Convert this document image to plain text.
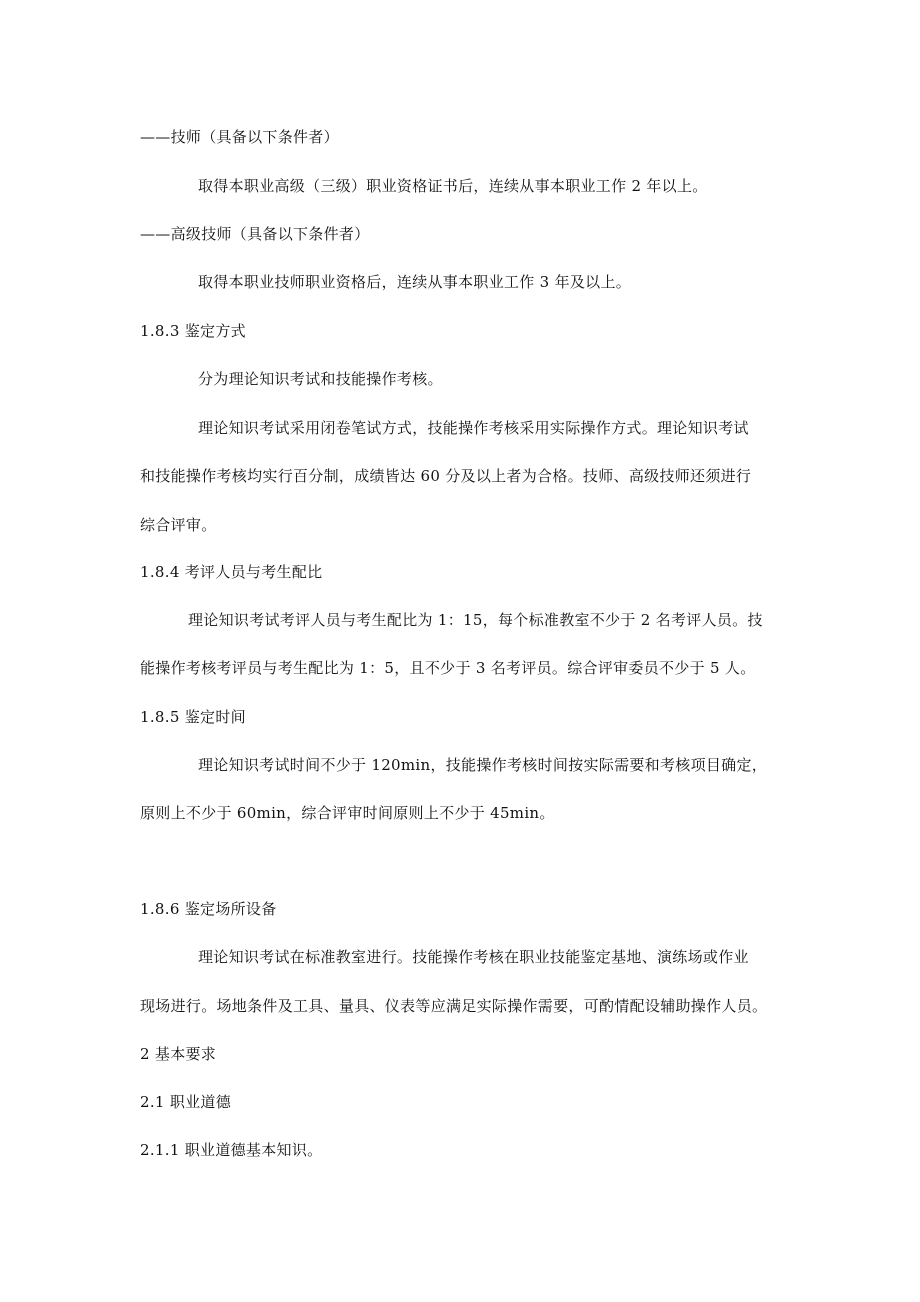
——技师（具备以下条件者）
取得本职业高级（三级）职业资格证书后，连续从事本职业工作 2 年以上。
——高级技师（具备以下条件者）
取得本职业技师职业资格后，连续从事本职业工作 3 年及以上。
1.8.3 鉴定方式
分为理论知识考试和技能操作考核。
理论知识考试采用闭卷笔试方式，技能操作考核采用实际操作方式。理论知识考试
和技能操作考核均实行百分制，成绩皆达 60 分及以上者为合格。技师、高级技师还须进行
综合评审。
1.8.4 考评人员与考生配比
理论知识考试考评人员与考生配比为 1：15，每个标准教室不少于 2 名考评人员。技
能操作考核考评员与考生配比为 1：5，且不少于 3 名考评员。综合评审委员不少于 5 人。
1.8.5 鉴定时间
理论知识考试时间不少于 120min，技能操作考核时间按实际需要和考核项目确定，
原则上不少于 60min，综合评审时间原则上不少于 45min。
1.8.6 鉴定场所设备
理论知识考试在标准教室进行。技能操作考核在职业技能鉴定基地、演练场或作业
现场进行。场地条件及工具、量具、仪表等应满足实际操作需要，可酌情配设辅助操作人员。
2 基本要求
2.1 职业道德
2.1.1 职业道德基本知识。
